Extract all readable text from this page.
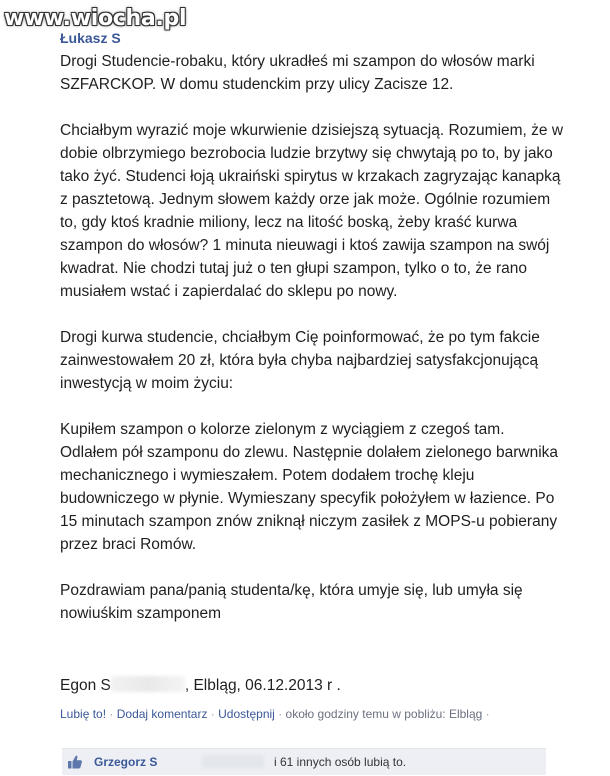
www.wiocha.pl
Łukasz S

Drogi Studencie-robaku, który ukradłeś mi szampon do włosów marki SZFARCKOP. W domu studenckim przy ulicy Zacisze 12.

Chciałbym wyrazić moje wkurwienie dzisiejszą sytuacją. Rozumiem, że w dobie olbrzymiego bezrobocia ludzie brzytwy się chwytają po to, by jako tako żyć. Studenci łoją ukraiński spirytus w krzakach zagryzając kanapką z pasztetową. Jednym słowem każdy orze jak może. Ogólnie rozumiem to, gdy ktoś kradnie miliony, lecz na litość boską, żeby kraść kurwa szampon do włosów? 1 minuta nieuwagi i ktoś zawija szampon na swój kwadrat. Nie chodzi tutaj już o ten głupi szampon, tylko o to, że rano musiałem wstać i zapierdalać do sklepu po nowy.

Drogi kurwa studencie, chciałbym Cię poinformować, że po tym fakcie zainwestowałem 20 zł, która była chyba najbardziej satysfakcjonującą inwestycją w moim życiu:

Kupiłem szampon o kolorze zielonym z wyciągiem z czegoś tam. Odlałem pół szamponu do zlewu. Następnie dolałem zielonego barwnika mechanicznego i wymieszałem. Potem dodałem trochę kleju budowniczego w płynie. Wymieszany specyfik położyłem w łazience. Po 15 minutach szampon znów zniknął niczym zasiłek z MOPS-u pobierany przez braci Romów.

Pozdrawiam pana/panią studenta/kę, która umyje się, lub umyła się nowiuśkim szamponem

Egon S	, Elbląg, 06.12.2013 r .
Lubię to! · Dodaj komentarz · Udostępnij · około godziny temu w pobliżu: Elbląg ·
Grzegorz S	i 61 innych osób lubią to.
